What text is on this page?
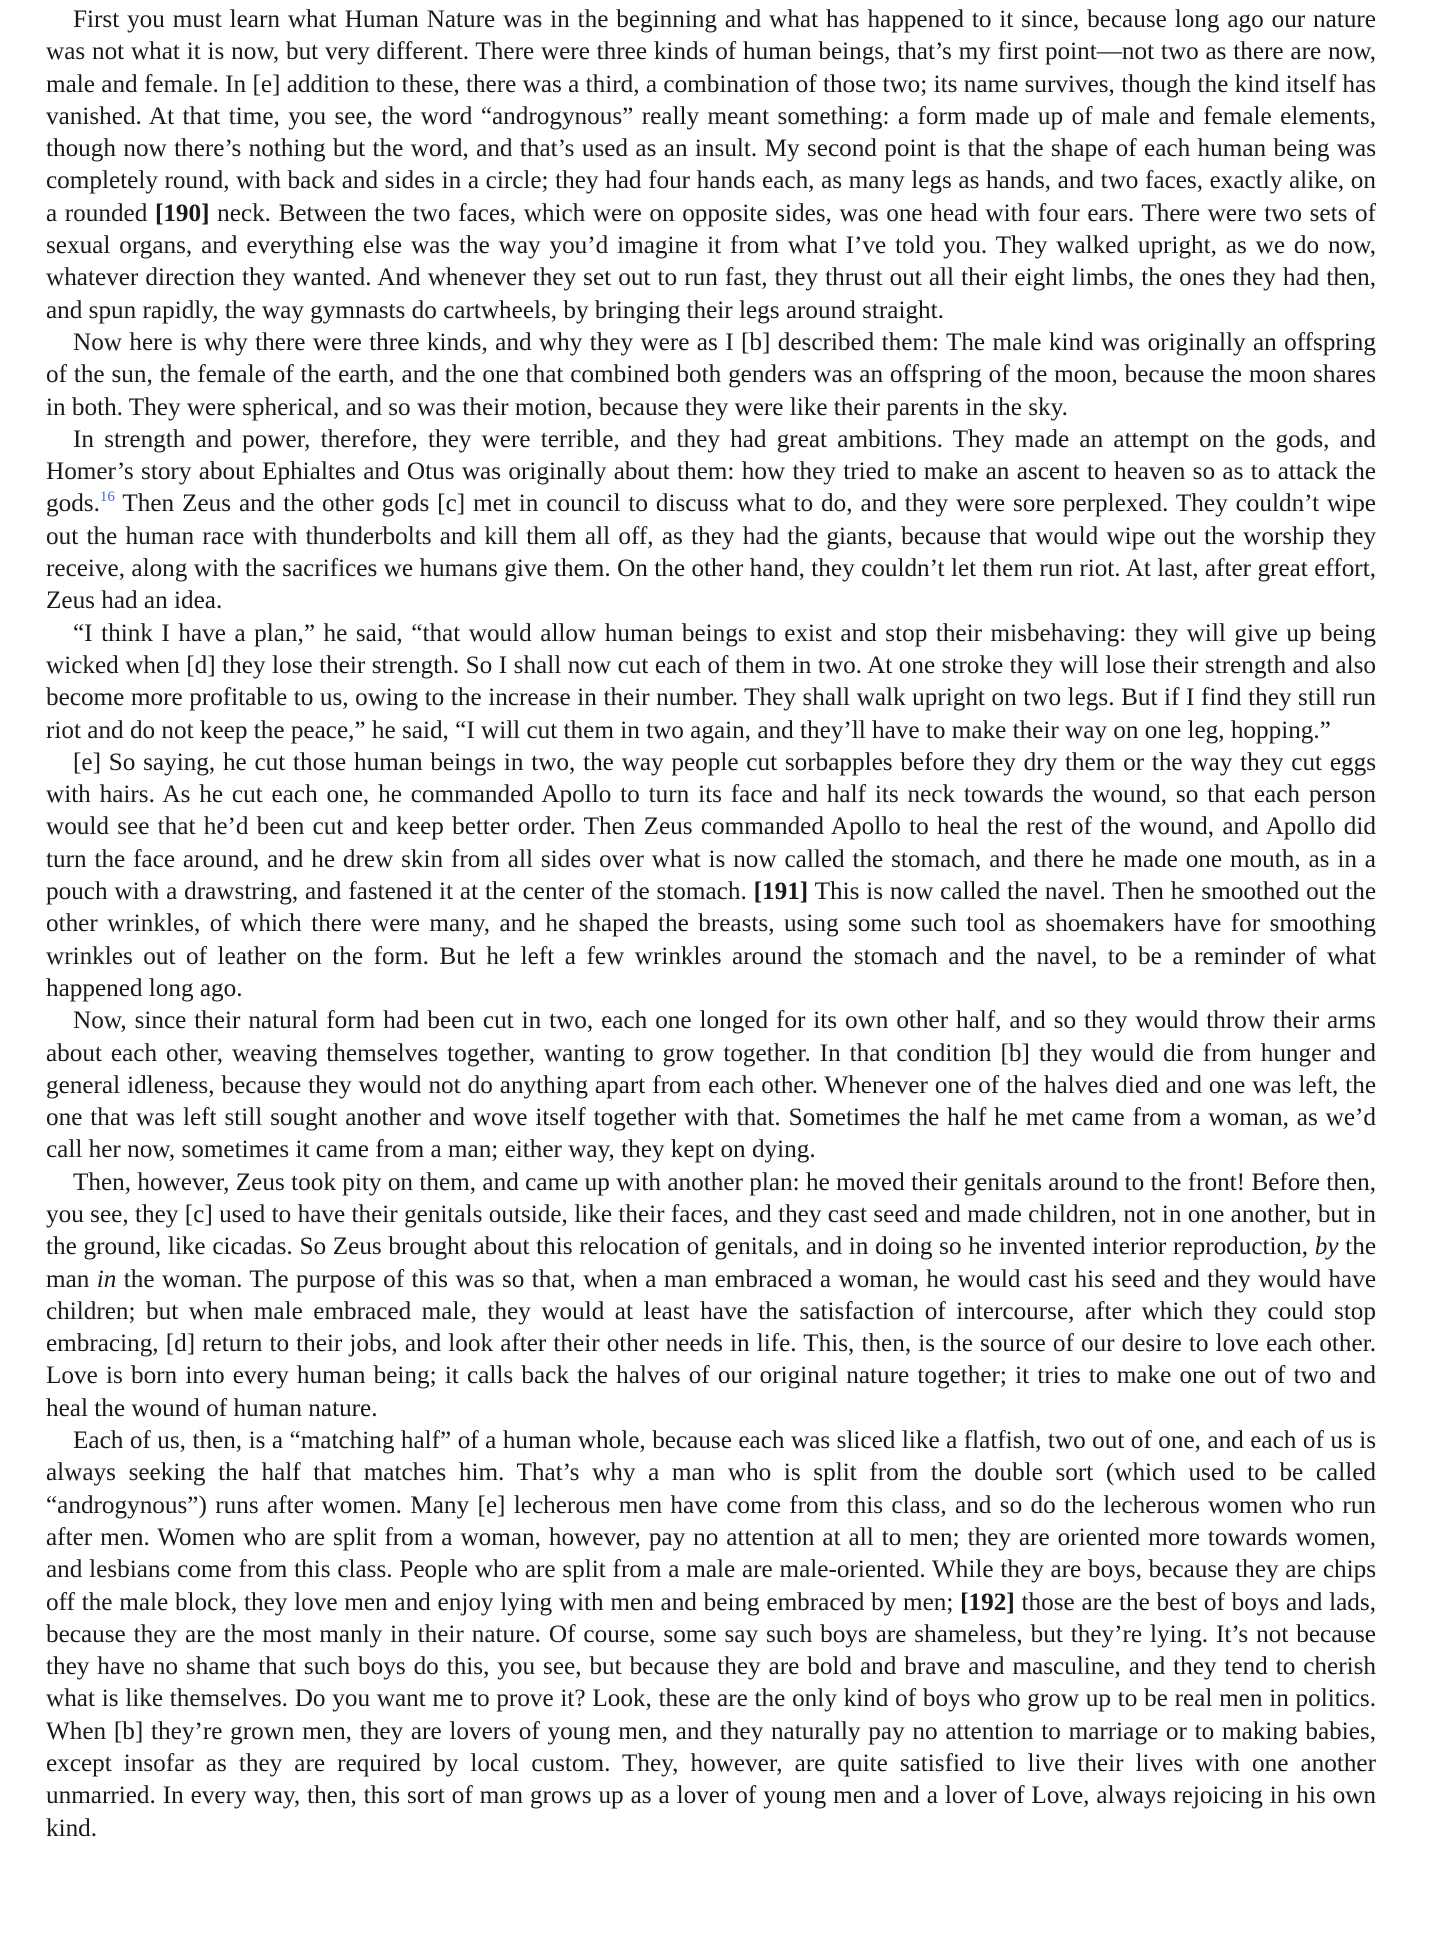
First you must learn what Human Nature was in the beginning and what has happened to it since, because long ago our nature was not what it is now, but very different. There were three kinds of human beings, that’s my first point—not two as there are now, male and female. In [e] addition to these, there was a third, a combination of those two; its name survives, though the kind itself has vanished. At that time, you see, the word “androgynous” really meant something: a form made up of male and female elements, though now there’s nothing but the word, and that’s used as an insult. My second point is that the shape of each human being was completely round, with back and sides in a circle; they had four hands each, as many legs as hands, and two faces, exactly alike, on a rounded [190] neck. Between the two faces, which were on opposite sides, was one head with four ears. There were two sets of sexual organs, and everything else was the way you’d imagine it from what I’ve told you. They walked upright, as we do now, whatever direction they wanted. And whenever they set out to run fast, they thrust out all their eight limbs, the ones they had then, and spun rapidly, the way gymnasts do cartwheels, by bringing their legs around straight.

Now here is why there were three kinds, and why they were as I [b] described them: The male kind was originally an offspring of the sun, the female of the earth, and the one that combined both genders was an offspring of the moon, because the moon shares in both. They were spherical, and so was their motion, because they were like their parents in the sky.

In strength and power, therefore, they were terrible, and they had great ambitions. They made an attempt on the gods, and Homer’s story about Ephialtes and Otus was originally about them: how they tried to make an ascent to heaven so as to attack the gods.$^{16}$ Then Zeus and the other gods [c] met in council to discuss what to do, and they were sore perplexed. They couldn’t wipe out the human race with thunderbolts and kill them all off, as they had the giants, because that would wipe out the worship they receive, along with the sacrifices we humans give them. On the other hand, they couldn’t let them run riot. At last, after great effort, Zeus had an idea.

“I think I have a plan,” he said, “that would allow human beings to exist and stop their misbehaving: they will give up being wicked when [d] they lose their strength. So I shall now cut each of them in two. At one stroke they will lose their strength and also become more profitable to us, owing to the increase in their number. They shall walk upright on two legs. But if I find they still run riot and do not keep the peace,” he said, “I will cut them in two again, and they’ll have to make their way on one leg, hopping.”

[e] So saying, he cut those human beings in two, the way people cut sorbapples before they dry them or the way they cut eggs with hairs. As he cut each one, he commanded Apollo to turn its face and half its neck towards the wound, so that each person would see that he’d been cut and keep better order. Then Zeus commanded Apollo to heal the rest of the wound, and Apollo did turn the face around, and he drew skin from all sides over what is now called the stomach, and there he made one mouth, as in a pouch with a drawstring, and fastened it at the center of the stomach. [191] This is now called the navel. Then he smoothed out the other wrinkles, of which there were many, and he shaped the breasts, using some such tool as shoemakers have for smoothing wrinkles out of leather on the form. But he left a few wrinkles around the stomach and the navel, to be a reminder of what happened long ago.

Now, since their natural form had been cut in two, each one longed for its own other half, and so they would throw their arms about each other, weaving themselves together, wanting to grow together. In that condition [b] they would die from hunger and general idleness, because they would not do anything apart from each other. Whenever one of the halves died and one was left, the one that was left still sought another and wove itself together with that. Sometimes the half he met came from a woman, as we’d call her now, sometimes it came from a man; either way, they kept on dying.

Then, however, Zeus took pity on them, and came up with another plan: he moved their genitals around to the front! Before then, you see, they [c] used to have their genitals outside, like their faces, and they cast seed and made children, not in one another, but in the ground, like cicadas. So Zeus brought about this relocation of genitals, and in doing so he invented interior reproduction, by the man in the woman. The purpose of this was so that, when a man embraced a woman, he would cast his seed and they would have children; but when male embraced male, they would at least have the satisfaction of intercourse, after which they could stop embracing, [d] return to their jobs, and look after their other needs in life. This, then, is the source of our desire to love each other. Love is born into every human being; it calls back the halves of our original nature together; it tries to make one out of two and heal the wound of human nature.

Each of us, then, is a “matching half” of a human whole, because each was sliced like a flatfish, two out of one, and each of us is always seeking the half that matches him. That’s why a man who is split from the double sort (which used to be called “androgynous”) runs after women. Many [e] lecherous men have come from this class, and so do the lecherous women who run after men. Women who are split from a woman, however, pay no attention at all to men; they are oriented more towards women, and lesbians come from this class. People who are split from a male are male-oriented. While they are boys, because they are chips off the male block, they love men and enjoy lying with men and being embraced by men; [192] those are the best of boys and lads, because they are the most manly in their nature. Of course, some say such boys are shameless, but they’re lying. It’s not because they have no shame that such boys do this, you see, but because they are bold and brave and masculine, and they tend to cherish what is like themselves. Do you want me to prove it? Look, these are the only kind of boys who grow up to be real men in politics. When [b] they’re grown men, they are lovers of young men, and they naturally pay no attention to marriage or to making babies, except insofar as they are required by local custom. They, however, are quite satisfied to live their lives with one another unmarried. In every way, then, this sort of man grows up as a lover of young men and a lover of Love, always rejoicing in his own kind.
